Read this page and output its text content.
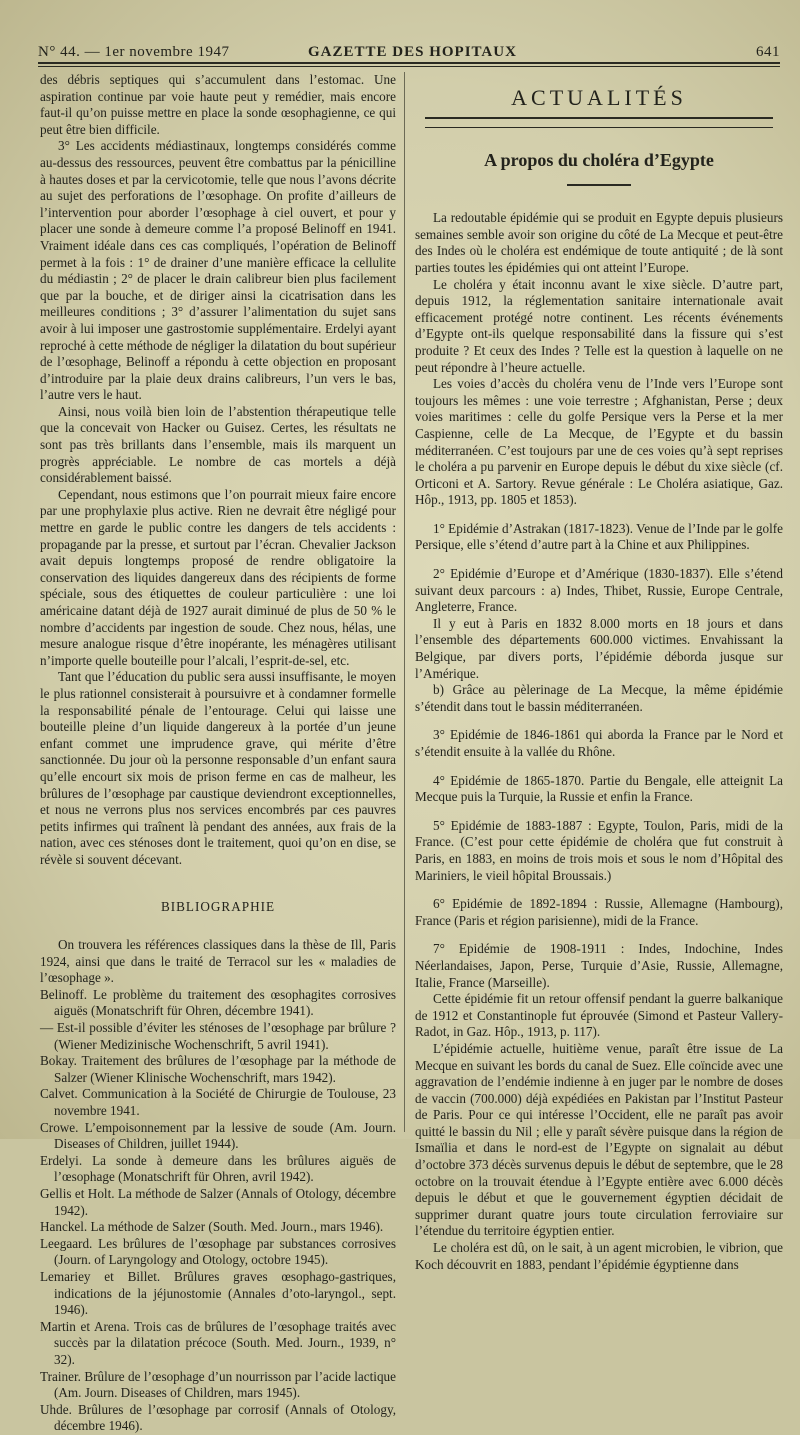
N° 44. — 1er novembre 1947	GAZETTE DES HOPITAUX	641

des débris septiques qui s’accumulent dans l’estomac. Une aspiration continue par voie haute peut y remédier, mais encore faut-il qu’on puisse mettre en place la sonde œsophagienne, ce qui peut être bien difficile.

3° Les accidents médiastinaux, longtemps considérés comme au-dessus des ressources, peuvent être combattus par la pénicilline à hautes doses et par la cervicotomie, telle que nous l’avons décrite au sujet des perforations de l’œsophage. On profite d’ailleurs de l’intervention pour aborder l’œsophage à ciel ouvert, et pour y placer une sonde à demeure comme l’a proposé Belinoff en 1941. Vraiment idéale dans ces cas compliqués, l’opération de Belinoff permet à la fois : 1° de drainer d’une manière efficace la cellulite du médiastin ; 2° de placer le drain calibreur bien plus facilement que par la bouche, et de diriger ainsi la cicatrisation dans les meilleures conditions ; 3° d’assurer l’alimentation du sujet sans avoir à lui imposer une gastrostomie supplémentaire. Erdelyi ayant reproché à cette méthode de négliger la dilatation du bout supérieur de l’œsophage, Belinoff a répondu à cette objection en proposant d’introduire par la plaie deux drains calibreurs, l’un vers le bas, l’autre vers le haut.

Ainsi, nous voilà bien loin de l’abstention thérapeutique telle que la concevait von Hacker ou Guisez. Certes, les résultats ne sont pas très brillants dans l’ensemble, mais ils marquent un progrès appréciable. Le nombre de cas mortels a déjà considérablement baissé.

Cependant, nous estimons que l’on pourrait mieux faire encore par une prophylaxie plus active. Rien ne devrait être négligé pour mettre en garde le public contre les dangers de tels accidents : propagande par la presse, et surtout par l’écran. Chevalier Jackson avait depuis longtemps proposé de rendre obligatoire la conservation des liquides dangereux dans des récipients de forme spéciale, sous des étiquettes de couleur particulière : une loi américaine datant déjà de 1927 aurait diminué de plus de 50 % le nombre d’accidents par ingestion de soude. Chez nous, hélas, une mesure analogue risque d’être inopérante, les ménagères utilisant n’importe quelle bouteille pour l’alcali, l’esprit-de-sel, etc.

Tant que l’éducation du public sera aussi insuffisante, le moyen le plus rationnel consisterait à poursuivre et à condamner formelle la responsabilité pénale de l’entourage. Celui qui laisse une bouteille pleine d’un liquide dangereux à la portée d’un jeune enfant commet une imprudence grave, qui mérite d’être sanctionnée. Du jour où la personne responsable d’un enfant saura qu’elle encourt six mois de prison ferme en cas de malheur, les brûlures de l’œsophage par caustique deviendront exceptionnelles, et nous ne verrons plus nos services encombrés par ces pauvres petits infirmes qui traînent là pendant des années, aux frais de la nation, avec ces sténoses dont le traitement, quoi qu’on en dise, se révèle si souvent décevant.

BIBLIOGRAPHIE

On trouvera les références classiques dans la thèse de Ill, Paris 1924, ainsi que dans le traité de Terracol sur les « maladies de l’œsophage ».

Belinoff. Le problème du traitement des œsophagites corrosives aiguës (Monatschrift für Ohren, décembre 1941).

— Est-il possible d’éviter les sténoses de l’œsophage par brûlure ? (Wiener Medizinische Wochenschrift, 5 avril 1941).

Bokay. Traitement des brûlures de l’œsophage par la méthode de Salzer (Wiener Klinische Wochenschrift, mars 1942).

Calvet. Communication à la Société de Chirurgie de Toulouse, 23 novembre 1941.

Crowe. L’empoisonnement par la lessive de soude (Am. Journ. Diseases of Children, juillet 1944).

Erdelyi. La sonde à demeure dans les brûlures aiguës de l’œsophage (Monatschrift für Ohren, avril 1942).

Gellis et Holt. La méthode de Salzer (Annals of Otology, décembre 1942).

Hanckel. La méthode de Salzer (South. Med. Journ., mars 1946).

Leegaard. Les brûlures de l’œsophage par substances corrosives (Journ. of Laryngology and Otology, octobre 1945).

Lemariey et Billet. Brûlures graves œsophago-gastriques, indications de la jéjunostomie (Annales d’oto-laryngol., sept. 1946).

Martin et Arena. Trois cas de brûlures de l’œsophage traités avec succès par la dilatation précoce (South. Med. Journ., 1939, n° 32).

Trainer. Brûlure de l’œsophage d’un nourrisson par l’acide lactique (Am. Journ. Diseases of Children, mars 1945).

Uhde. Brûlures de l’œsophage par corrosif (Annals of Otology, décembre 1946).

ACTUALITÉS
A propos du choléra d’Egypte

La redoutable épidémie qui se produit en Egypte depuis plusieurs semaines semble avoir son origine du côté de La Mecque et peut-être des Indes où le choléra est endémique de toute antiquité ; de là sont parties toutes les épidémies qui ont atteint l’Europe.

Le choléra y était inconnu avant le xixe siècle. D’autre part, depuis 1912, la réglementation sanitaire internationale avait efficacement protégé notre continent. Les récents événements d’Egypte ont-ils quelque responsabilité dans la fissure qui s’est produite ? Et ceux des Indes ? Telle est la question à laquelle on ne peut répondre à l’heure actuelle.

Les voies d’accès du choléra venu de l’Inde vers l’Europe sont toujours les mêmes : une voie terrestre ; Afghanistan, Perse ; deux voies maritimes : celle du golfe Persique vers la Perse et la mer Caspienne, celle de La Mecque, de l’Egypte et du bassin méditerranéen. C’est toujours par une de ces voies qu’à sept reprises le choléra a pu parvenir en Europe depuis le début du xixe siècle (cf. Orticoni et A. Sartory. Revue générale : Le Choléra asiatique, Gaz. Hôp., 1913, pp. 1805 et 1853).

1° Epidémie d’Astrakan (1817-1823). Venue de l’Inde par le golfe Persique, elle s’étend d’autre part à la Chine et aux Philippines.

2° Epidémie d’Europe et d’Amérique (1830-1837). Elle s’étend suivant deux parcours : a) Indes, Thibet, Russie, Europe Centrale, Angleterre, France.

Il y eut à Paris en 1832 8.000 morts en 18 jours et dans l’ensemble des départements 600.000 victimes. Envahissant la Belgique, par divers ports, l’épidémie déborda jusque sur l’Amérique.

b) Grâce au pèlerinage de La Mecque, la même épidémie s’étendit dans tout le bassin méditerranéen.

3° Epidémie de 1846-1861 qui aborda la France par le Nord et s’étendit ensuite à la vallée du Rhône.

4° Epidémie de 1865-1870. Partie du Bengale, elle atteignit La Mecque puis la Turquie, la Russie et enfin la France.

5° Epidémie de 1883-1887 : Egypte, Toulon, Paris, midi de la France. (C’est pour cette épidémie de choléra que fut construit à Paris, en 1883, en moins de trois mois et sous le nom d’Hôpital des Mariniers, le vieil hôpital Broussais.)

6° Epidémie de 1892-1894 : Russie, Allemagne (Hambourg), France (Paris et région parisienne), midi de la France.

7° Epidémie de 1908-1911 : Indes, Indochine, Indes Néerlandaises, Japon, Perse, Turquie d’Asie, Russie, Allemagne, Italie, France (Marseille).

Cette épidémie fit un retour offensif pendant la guerre balkanique de 1912 et Constantinople fut éprouvée (Simond et Pasteur Vallery-Radot, in Gaz. Hôp., 1913, p. 117).

L’épidémie actuelle, huitième venue, paraît être issue de La Mecque en suivant les bords du canal de Suez. Elle coïncide avec une aggravation de l’endémie indienne à en juger par le nombre de doses de vaccin (700.000) déjà expédiées en Pakistan par l’Institut Pasteur de Paris. Pour ce qui intéresse l’Occident, elle ne paraît pas avoir quitté le bassin du Nil ; elle y paraît sévère puisque dans la région de Ismaïlia et dans le nord-est de l’Egypte on signalait au début d’octobre 373 décès survenus depuis le début de septembre, que le 28 octobre on la trouvait étendue à l’Egypte entière avec 6.000 décès depuis le début et que le gouvernement égyptien décidait de supprimer durant quatre jours toute circulation ferroviaire sur l’étendue du territoire égyptien entier.

Le choléra est dû, on le sait, à un agent microbien, le vibrion, que Koch découvrit en 1883, pendant l’épidémie égyptienne dans
